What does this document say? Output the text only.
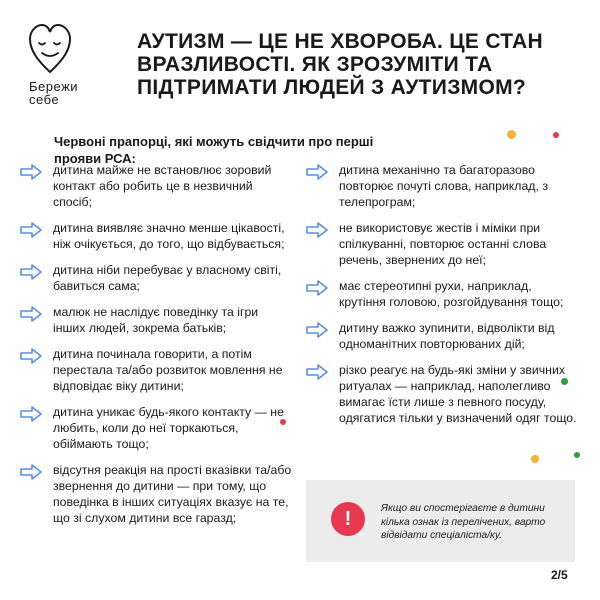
Бережи
себе
АУТИЗМ — ЦЕ НЕ ХВОРОБА. ЦЕ СТАН ВРАЗЛИВОСТІ. ЯК ЗРОЗУМІТИ ТА ПІДТРИМАТИ ЛЮДЕЙ З АУТИЗМОМ?

Червоні прапорці, які можуть свідчити про перші прояви РСА:

дитина майже не встановлює зоровий контакт або робить це в незвичний спосіб;
дитина виявляє значно менше цікавості, ніж очікується, до того, що відбувається;
дитина ніби перебуває у власному світі, бавиться сама;
малюк не наслідує поведінку та ігри інших людей, зокрема батьків;
дитина починала говорити, а потім перестала та/або розвиток мовлення не відповідає віку дитини;
дитина уникає будь-якого контакту — не любить, коли до неї торкаються, обіймають тощо;
відсутня реакція на прості вказівки та/або звернення до дитини — при тому, що поведінка в інших ситуаціях вказує на те, що зі слухом дитини все гаразд;
дитина механічно та багаторазово повторює почуті слова, наприклад, з телепрограм;
не використовує жестів і міміки при спілкуванні, повторює останні слова речень, звернених до неї;
має стереотипні рухи, наприклад, крутіння головою, розгойдування тощо;
дитину важко зупинити, відволікти від одноманітних повторюваних дій;
різко реагує на будь-які зміни у звичних ритуалах — наприклад, наполегливо вимагає їсти лише з певного посуду, одягатися тільки у визначений одяг тощо.
!	Якщо ви спостерігаєте в дитини кілька ознак із перелічених, варто відвідати спеціаліста/ку.
2/5
